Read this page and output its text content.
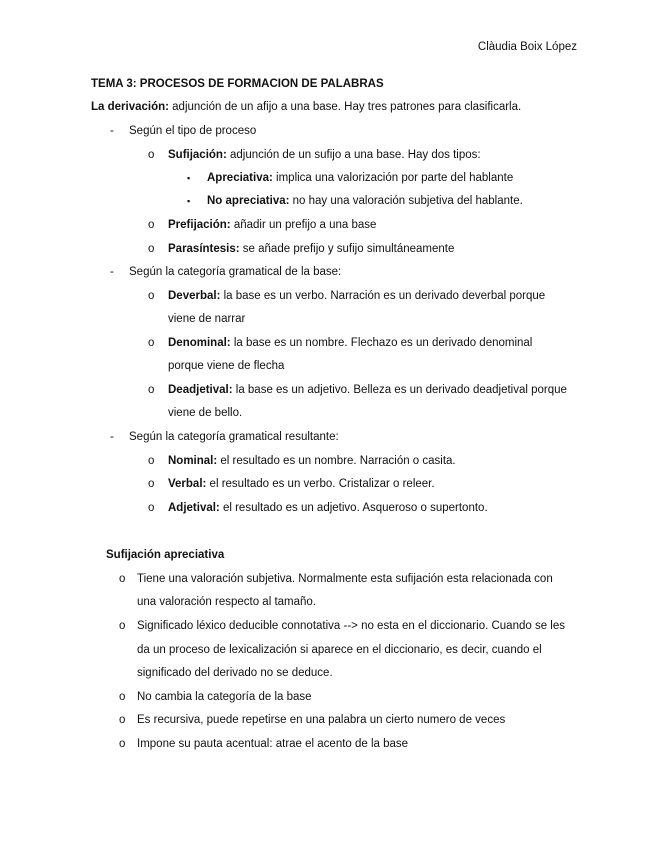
Clàudia Boix López
TEMA 3: PROCESOS DE FORMACION DE PALABRAS
La derivación: adjunción de un afijo a una base. Hay tres patrones para clasificarla.
- Según el tipo de proceso
o Sufijación: adjunción de un sufijo a una base. Hay dos tipos:
▪ Apreciativa: implica una valorización por parte del hablante
▪ No apreciativa: no hay una valoración subjetiva del hablante.
o Prefijación: añadir un prefijo a una base
o Parasíntesis: se añade prefijo y sufijo simultáneamente
- Según la categoría gramatical de la base:
o Deverbal: la base es un verbo. Narración es un derivado deverbal porque
viene de narrar
o Denominal: la base es un nombre. Flechazo es un derivado denominal
porque viene de flecha
o Deadjetival: la base es un adjetivo. Belleza es un derivado deadjetival porque
viene de bello.
- Según la categoría gramatical resultante:
o Nominal: el resultado es un nombre. Narración o casita.
o Verbal: el resultado es un verbo. Cristalizar o releer.
o Adjetival: el resultado es un adjetivo. Asqueroso o supertonto.
Sufijación apreciativa
o Tiene una valoración subjetiva. Normalmente esta sufijación esta relacionada con
una valoración respecto al tamaño.
o Significado léxico deducible connotativa --> no esta en el diccionario. Cuando se les
da un proceso de lexicalización si aparece en el diccionario, es decir, cuando el
significado del derivado no se deduce.
o No cambia la categoría de la base
o Es recursiva, puede repetirse en una palabra un cierto numero de veces
o Impone su pauta acentual: atrae el acento de la base
